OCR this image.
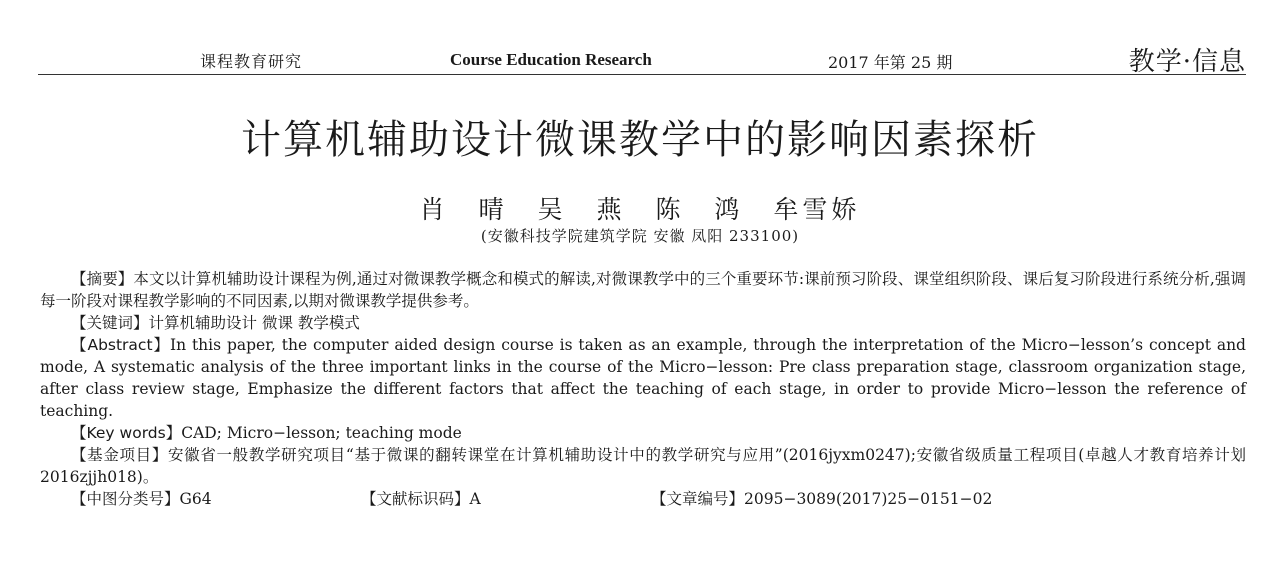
课程教育研究	Course Education Research	2017 年第 25 期	教学·信息
计算机辅助设计微课教学中的影响因素探析
肖 晴 吴 燕 陈 鸿 牟雪娇
(安徽科技学院建筑学院 安徽 凤阳 233100)

【摘要】本文以计算机辅助设计课程为例,通过对微课教学概念和模式的解读,对微课教学中的三个重要环节:课前预习阶段、课堂组织阶段、课后复习阶段进行系统分析,强调每一阶段对课程教学影响的不同因素,以期对微课教学提供参考。

【关键词】计算机辅助设计 微课 教学模式

【Abstract】In this paper, the computer aided design course is taken as an example, through the interpretation of the Micro−lesson’s concept and mode, A systematic analysis of the three important links in the course of the Micro−lesson: Pre class preparation stage, classroom organization stage, after class review stage, Emphasize the different factors that affect the teaching of each stage, in order to provide Micro−lesson the reference of teaching.

【Key words】CAD; Micro−lesson; teaching mode

【基金项目】安徽省一般教学研究项目“基于微课的翻转课堂在计算机辅助设计中的教学研究与应用”(2016jyxm0247);安徽省级质量工程项目(卓越人才教育培养计划 2016zjjh018)。

【中图分类号】G64	【文献标识码】A	【文章编号】2095−3089(2017)25−0151−02
